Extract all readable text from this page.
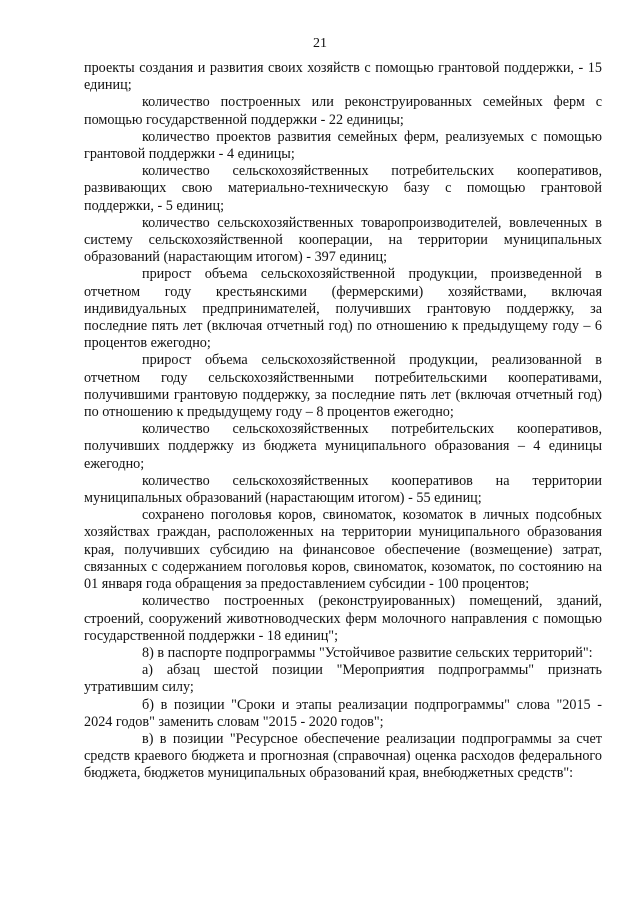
21

проекты создания и развития своих хозяйств с помощью грантовой поддержки, - 15 единиц;

количество построенных или реконструированных семейных ферм с помощью государственной поддержки - 22 единицы;

количество проектов развития семейных ферм, реализуемых с помощью грантовой поддержки - 4 единицы;

количество сельскохозяйственных потребительских кооперативов, развивающих свою материально-техническую базу с помощью грантовой поддержки, - 5 единиц;

количество сельскохозяйственных товаропроизводителей, вовлеченных в систему сельскохозяйственной кооперации, на территории муниципальных образований (нарастающим итогом) - 397 единиц;

прирост объема сельскохозяйственной продукции, произведенной в отчетном году крестьянскими (фермерскими) хозяйствами, включая индивидуальных предпринимателей, получивших грантовую поддержку, за последние пять лет (включая отчетный год) по отношению к предыдущему году – 6 процентов ежегодно;

прирост объема сельскохозяйственной продукции, реализованной в отчетном году сельскохозяйственными потребительскими кооперативами, получившими грантовую поддержку, за последние пять лет (включая отчетный год) по отношению к предыдущему году – 8 процентов ежегодно;

количество сельскохозяйственных потребительских кооперативов, получивших поддержку из бюджета муниципального образования – 4 единицы ежегодно;

количество сельскохозяйственных кооперативов на территории муниципальных образований (нарастающим итогом) - 55 единиц;

сохранено поголовья коров, свиноматок, козоматок в личных подсобных хозяйствах граждан, расположенных на территории муниципального образования края, получивших субсидию на финансовое обеспечение (возмещение) затрат, связанных с содержанием поголовья коров, свиноматок, козоматок, по состоянию на 01 января года обращения за предоставлением субсидии - 100 процентов;

количество построенных (реконструированных) помещений, зданий, строений, сооружений животноводческих ферм молочного направления с помощью государственной поддержки - 18 единиц";

8) в паспорте подпрограммы "Устойчивое развитие сельских территорий":

а) абзац шестой позиции "Мероприятия подпрограммы" признать утратившим силу;

б) в позиции "Сроки и этапы реализации подпрограммы" слова "2015 - 2024 годов" заменить словам "2015 - 2020 годов";

в) в позиции "Ресурсное обеспечение реализации подпрограммы за счет средств краевого бюджета и прогнозная (справочная) оценка расходов федерального бюджета, бюджетов муниципальных образований края, внебюджетных средств":
